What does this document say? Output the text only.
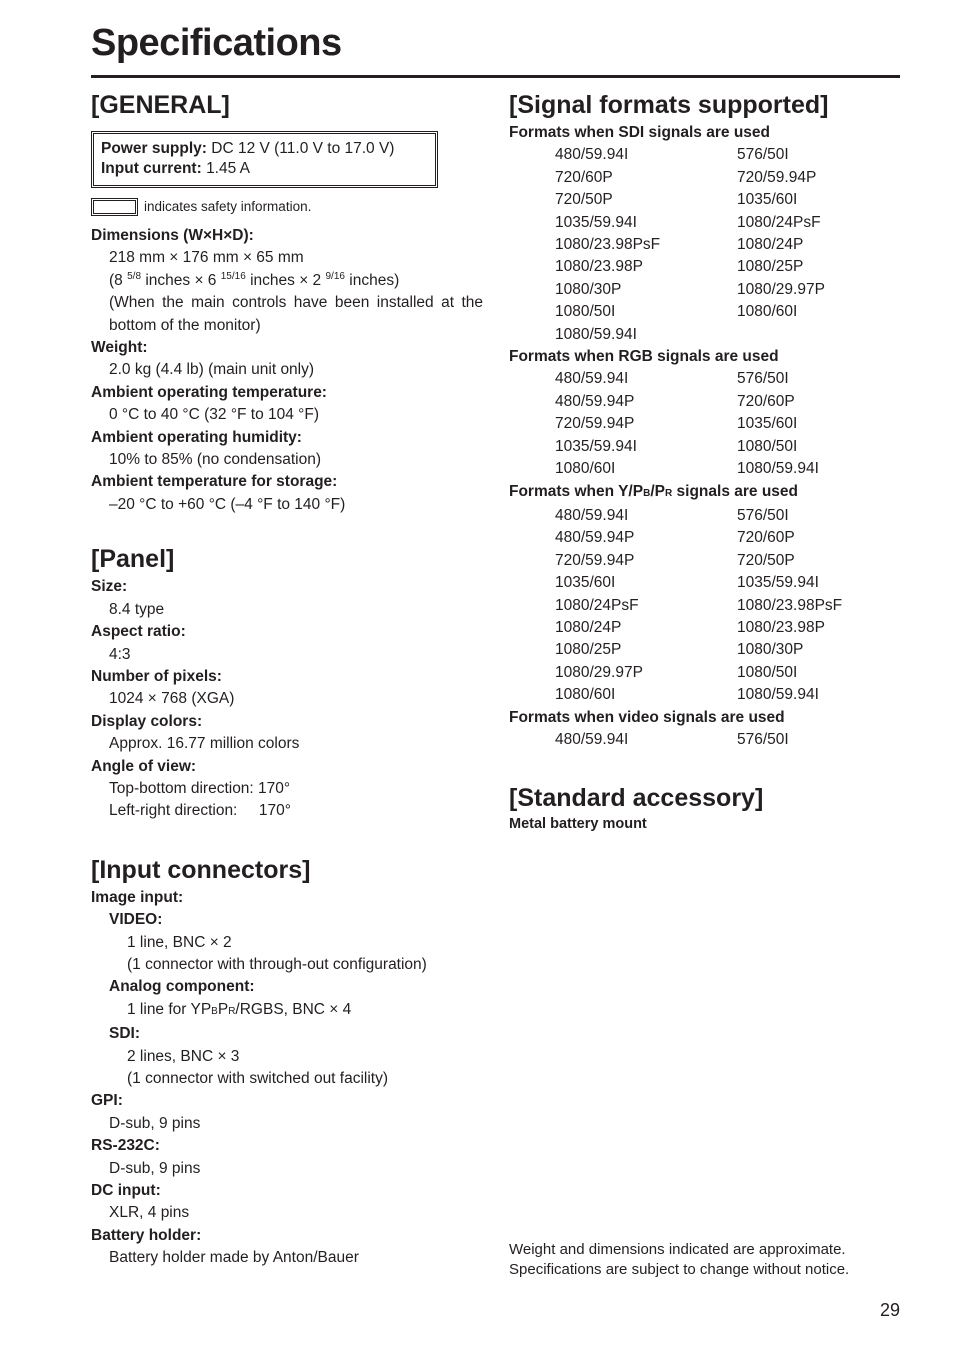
Specifications
[GENERAL]
Power supply: DC 12 V (11.0 V to 17.0 V)
Input current: 1.45 A
indicates safety information.
Dimensions (W×H×D):
218 mm × 176 mm × 65 mm
(8 $^{5/8}$ inches × 6 $^{15/16}$ inches × 2 $^{9/16}$ inches)
(When the main controls have been installed at the bottom of the monitor)
Weight:
2.0 kg (4.4 lb) (main unit only)
Ambient operating temperature:
0 °C to 40 °C (32 °F to 104 °F)
Ambient operating humidity:
10% to 85% (no condensation)
Ambient temperature for storage:
–20 °C to +60 °C (–4 °F to 140 °F)
[Panel]
Size:
8.4 type
Aspect ratio:
4:3
Number of pixels:
1024 × 768 (XGA)
Display colors:
Approx. 16.77 million colors
Angle of view:
Top-bottom direction: 170°
Left-right direction:     170°
[Input connectors]
Image input:
VIDEO:
1 line, BNC × 2
(1 connector with through-out configuration)
Analog component:
1 line for YPBPR/RGBS, BNC × 4
SDI:
2 lines, BNC × 3
(1 connector with switched out facility)
GPI:
D-sub, 9 pins
RS-232C:
D-sub, 9 pins
DC input:
XLR, 4 pins
Battery holder:
Battery holder made by Anton/Bauer
[Signal formats supported]
Formats when SDI signals are used
480/59.94I	576/50I
720/60P	720/59.94P
720/50P	1035/60I
1035/59.94I	1080/24PsF
1080/23.98PsF	1080/24P
1080/23.98P	1080/25P
1080/30P	1080/29.97P
1080/50I	1080/60I
1080/59.94I
Formats when RGB signals are used
480/59.94I	576/50I
480/59.94P	720/60P
720/59.94P	1035/60I
1035/59.94I	1080/50I
1080/60I	1080/59.94I
Formats when Y/PB/PR signals are used
480/59.94I	576/50I
480/59.94P	720/60P
720/59.94P	720/50P
1035/60I	1035/59.94I
1080/24PsF	1080/23.98PsF
1080/24P	1080/23.98P
1080/25P	1080/30P
1080/29.97P	1080/50I
1080/60I	1080/59.94I
Formats when video signals are used
480/59.94I	576/50I
[Standard accessory]
Metal battery mount
Weight and dimensions indicated are approximate.
Specifications are subject to change without notice.
29
